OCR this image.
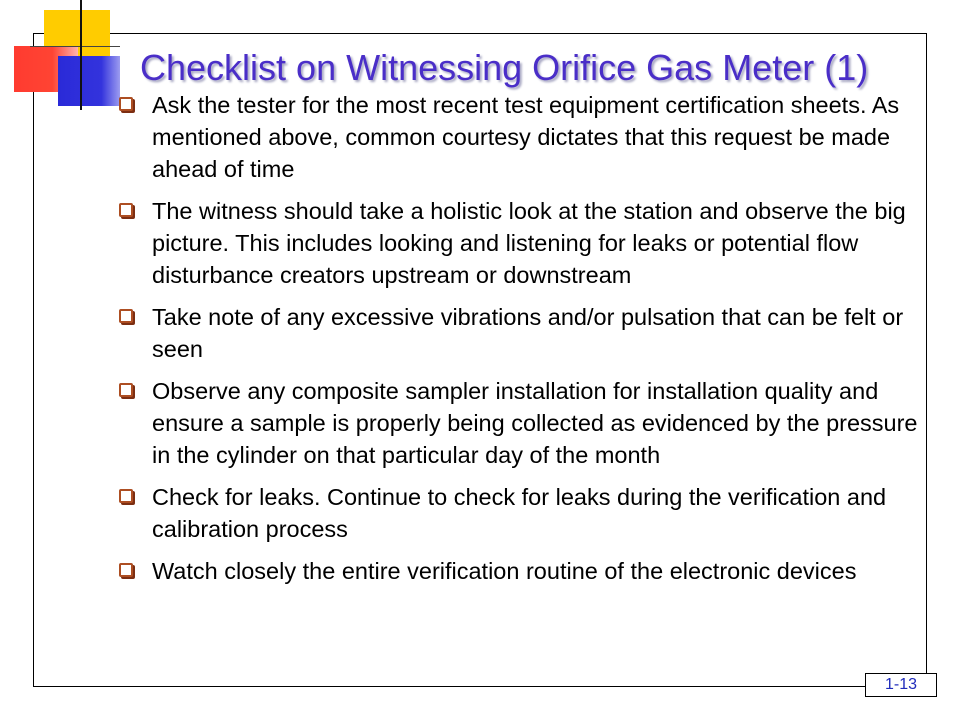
Checklist on Witnessing Orifice Gas Meter (1)
Ask the tester for the most recent test equipment certification sheets. As mentioned above, common courtesy dictates that this request be made ahead of time
The witness should take a holistic look at the station and observe the big picture. This includes looking and listening for leaks or potential flow disturbance creators upstream or downstream
Take note of any excessive vibrations and/or pulsation that can be felt or seen
Observe any composite sampler installation for installation quality and ensure a sample is properly being collected as evidenced by the pressure in the cylinder on that particular day of the month
Check for leaks. Continue to check for leaks during the verification and calibration process
Watch closely the entire verification routine of the electronic devices
1-13
